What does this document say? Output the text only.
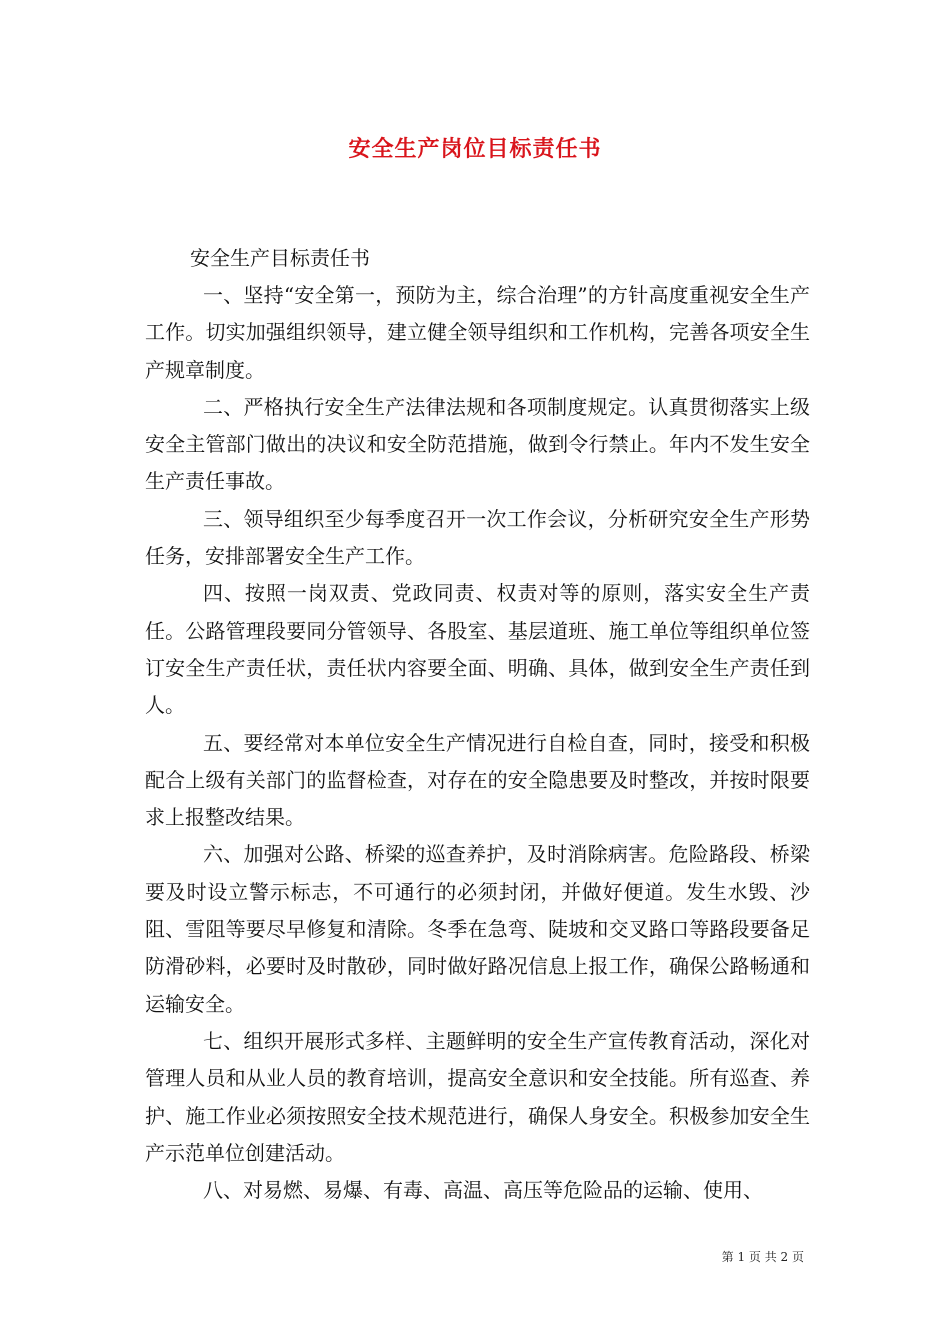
安全生产岗位目标责任书

安全生产目标责任书

一、坚持“安全第一，预防为主，综合治理”的方针高度重视安全生产工作。切实加强组织领导，建立健全领导组织和工作机构，完善各项安全生产规章制度。

二、严格执行安全生产法律法规和各项制度规定。认真贯彻落实上级安全主管部门做出的决议和安全防范措施，做到令行禁止。年内不发生安全生产责任事故。

三、领导组织至少每季度召开一次工作会议，分析研究安全生产形势任务，安排部署安全生产工作。

四、按照一岗双责、党政同责、权责对等的原则，落实安全生产责任。公路管理段要同分管领导、各股室、基层道班、施工单位等组织单位签订安全生产责任状，责任状内容要全面、明确、具体，做到安全生产责任到人。

五、要经常对本单位安全生产情况进行自检自查，同时，接受和积极配合上级有关部门的监督检查，对存在的安全隐患要及时整改，并按时限要求上报整改结果。

六、加强对公路、桥梁的巡查养护，及时消除病害。危险路段、桥梁要及时设立警示标志，不可通行的必须封闭，并做好便道。发生水毁、沙阻、雪阻等要尽早修复和清除。冬季在急弯、陡坡和交叉路口等路段要备足防滑砂料，必要时及时散砂，同时做好路况信息上报工作，确保公路畅通和运输安全。

七、组织开展形式多样、主题鲜明的安全生产宣传教育活动，深化对管理人员和从业人员的教育培训，提高安全意识和安全技能。所有巡查、养护、施工作业必须按照安全技术规范进行，确保人身安全。积极参加安全生产示范单位创建活动。

八、对易燃、易爆、有毒、高温、高压等危险品的运输、使用、

第 1 页 共 2 页
